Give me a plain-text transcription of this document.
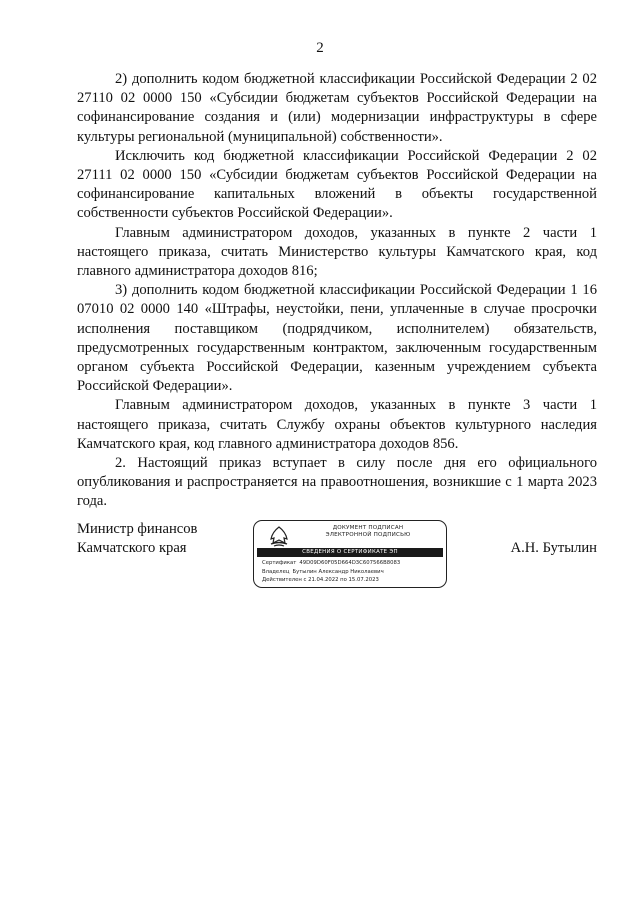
2

2) дополнить кодом бюджетной классификации Российской Федерации 2 02 27110 02 0000 150 «Субсидии бюджетам субъектов Российской Федерации на софинансирование создания и (или) модернизации инфраструктуры в сфере культуры региональной (муниципальной) собственности».

Исключить код бюджетной классификации Российской Федерации 2 02 27111 02 0000 150 «Субсидии бюджетам субъектов Российской Федерации на софинансирование капитальных вложений в объекты государственной собственности субъектов Российской Федерации».

Главным администратором доходов, указанных в пункте 2 части 1 настоящего приказа, считать Министерство культуры Камчатского края, код главного администратора доходов 816;

3) дополнить кодом бюджетной классификации Российской Федерации 1 16 07010 02 0000 140 «Штрафы, неустойки, пени, уплаченные в случае просрочки исполнения поставщиком (подрядчиком, исполнителем) обязательств, предусмотренных государственным контрактом, заключенным государственным органом субъекта Российской Федерации, казенным учреждением субъекта Российской Федерации».

Главным администратором доходов, указанных в пункте 3 части 1 настоящего приказа, считать Службу охраны объектов культурного наследия Камчатского края, код главного администратора доходов 856.

2. Настоящий приказ вступает в силу после дня его официального опубликования и распространяется на правоотношения, возникшие с 1 марта 2023 года.

Министр финансов
Камчатского края
ДОКУМЕНТ ПОДПИСАН
ЭЛЕКТРОННОЙ ПОДПИСЬЮ
СВЕДЕНИЯ О СЕРТИФИКАТЕ ЭП
Сертификат 49D09D60F05D664D3C607566B8083
Владелец Бутылин Александр Николаевич
Действителен с 21.04.2022 по 15.07.2023
А.Н. Бутылин
